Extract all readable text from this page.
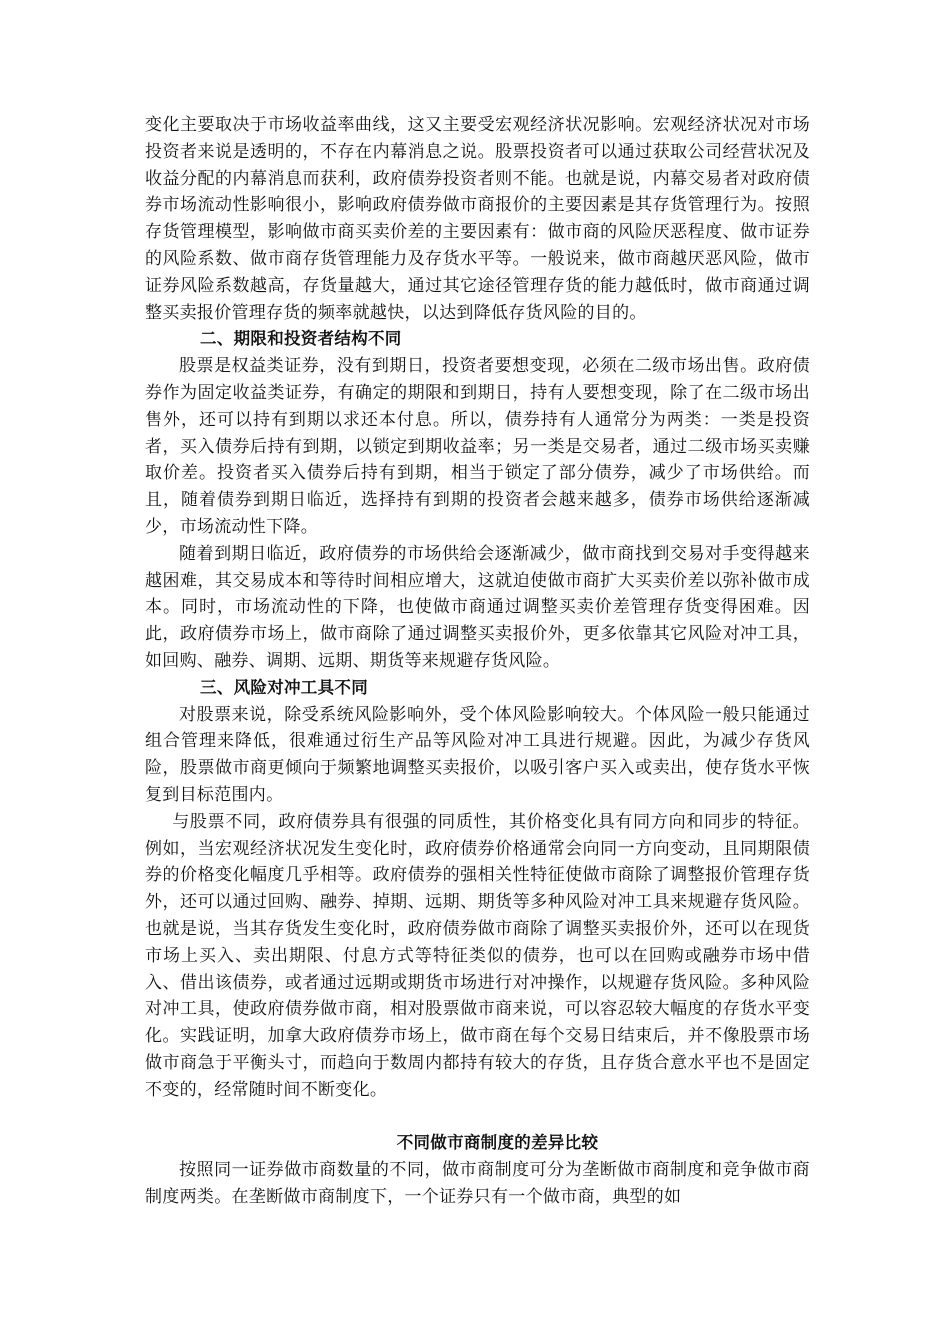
变化主要取决于市场收益率曲线，这又主要受宏观经济状况影响。宏观经济状况对市场投资者来说是透明的，不存在内幕消息之说。股票投资者可以通过获取公司经营状况及收益分配的内幕消息而获利，政府债券投资者则不能。也就是说，内幕交易者对政府债券市场流动性影响很小，影响政府债券做市商报价的主要因素是其存货管理行为。按照存货管理模型，影响做市商买卖价差的主要因素有：做市商的风险厌恶程度、做市证券的风险系数、做市商存货管理能力及存货水平等。一般说来，做市商越厌恶风险，做市证券风险系数越高，存货量越大，通过其它途径管理存货的能力越低时，做市商通过调整买卖报价管理存货的频率就越快，以达到降低存货风险的目的。

二、期限和投资者结构不同

股票是权益类证券，没有到期日，投资者要想变现，必须在二级市场出售。政府债券作为固定收益类证券，有确定的期限和到期日，持有人要想变现，除了在二级市场出售外，还可以持有到期以求还本付息。所以，债券持有人通常分为两类：一类是投资者，买入债券后持有到期，以锁定到期收益率；另一类是交易者，通过二级市场买卖赚取价差。投资者买入债券后持有到期，相当于锁定了部分债券，减少了市场供给。而且，随着债券到期日临近，选择持有到期的投资者会越来越多，债券市场供给逐渐减少，市场流动性下降。

随着到期日临近，政府债券的市场供给会逐渐减少，做市商找到交易对手变得越来越困难，其交易成本和等待时间相应增大，这就迫使做市商扩大买卖价差以弥补做市成本。同时，市场流动性的下降，也使做市商通过调整买卖价差管理存货变得困难。因此，政府债券市场上，做市商除了通过调整买卖报价外，更多依靠其它风险对冲工具，如回购、融券、调期、远期、期货等来规避存货风险。

三、风险对冲工具不同

对股票来说，除受系统风险影响外，受个体风险影响较大。个体风险一般只能通过组合管理来降低，很难通过衍生产品等风险对冲工具进行规避。因此，为减少存货风险，股票做市商更倾向于频繁地调整买卖报价，以吸引客户买入或卖出，使存货水平恢复到目标范围内。

与股票不同，政府债券具有很强的同质性，其价格变化具有同方向和同步的特征。例如，当宏观经济状况发生变化时，政府债券价格通常会向同一方向变动，且同期限债券的价格变化幅度几乎相等。政府债券的强相关性特征使做市商除了调整报价管理存货外，还可以通过回购、融券、掉期、远期、期货等多种风险对冲工具来规避存货风险。也就是说，当其存货发生变化时，政府债券做市商除了调整买卖报价外，还可以在现货市场上买入、卖出期限、付息方式等特征类似的债券，也可以在回购或融券市场中借入、借出该债券，或者通过远期或期货市场进行对冲操作，以规避存货风险。多种风险对冲工具，使政府债券做市商，相对股票做市商来说，可以容忍较大幅度的存货水平变化。实践证明，加拿大政府债券市场上，做市商在每个交易日结束后，并不像股票市场做市商急于平衡头寸，而趋向于数周内都持有较大的存货，且存货合意水平也不是固定不变的，经常随时间不断变化。

不同做市商制度的差异比较

按照同一证券做市商数量的不同，做市商制度可分为垄断做市商制度和竞争做市商制度两类。在垄断做市商制度下，一个证券只有一个做市商，典型的如
